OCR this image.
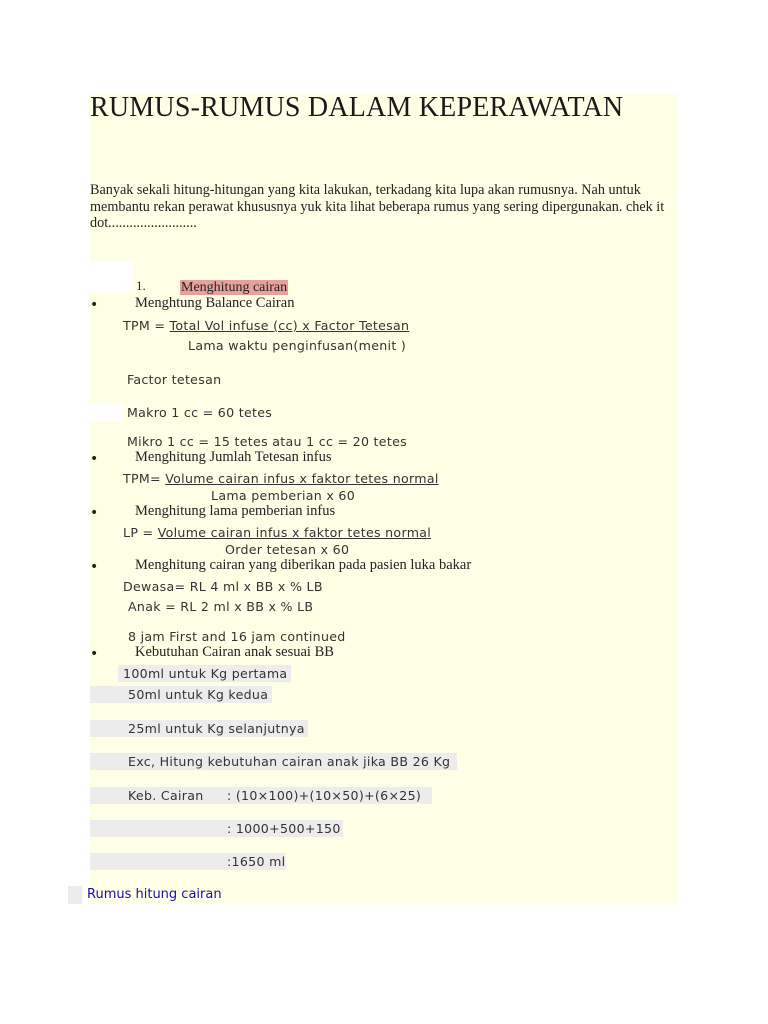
RUMUS-RUMUS DALAM KEPERAWATAN
Banyak sekali hitung-hitungan yang kita lakukan, terkadang kita lupa akan rumusnya. Nah untuk membantu rekan perawat khususnya yuk kita lihat beberapa rumus yang sering dipergunakan. chek it dot.........................
1.	Menghitung cairan
•	Menghtung Balance Cairan
TPM = Total Vol infuse (cc) x Factor Tetesan
Lama waktu penginfusan(menit )
Factor tetesan
Makro 1 cc = 60 tetes
Mikro 1 cc = 15 tetes atau 1 cc = 20 tetes
•	Menghitung Jumlah Tetesan infus
TPM= Volume cairan infus x faktor tetes normal
Lama pemberian x 60
•	Menghitung lama pemberian infus
LP = Volume cairan infus x faktor tetes normal
Order tetesan x 60
•	Menghitung cairan yang diberikan pada pasien luka bakar
Dewasa= RL 4 ml x BB x % LB
Anak = RL 2 ml x BB x % LB
8 jam First and 16 jam continued
•	Kebutuhan Cairan anak sesuai BB
100ml untuk Kg pertama
50ml untuk Kg kedua
25ml untuk Kg selanjutnya
Exc, Hitung kebutuhan cairan anak jika BB 26 Kg
Keb. Cairan : (10×100)+(10×50)+(6×25)
: 1000+500+150
:1650 ml
Rumus hitung cairan
